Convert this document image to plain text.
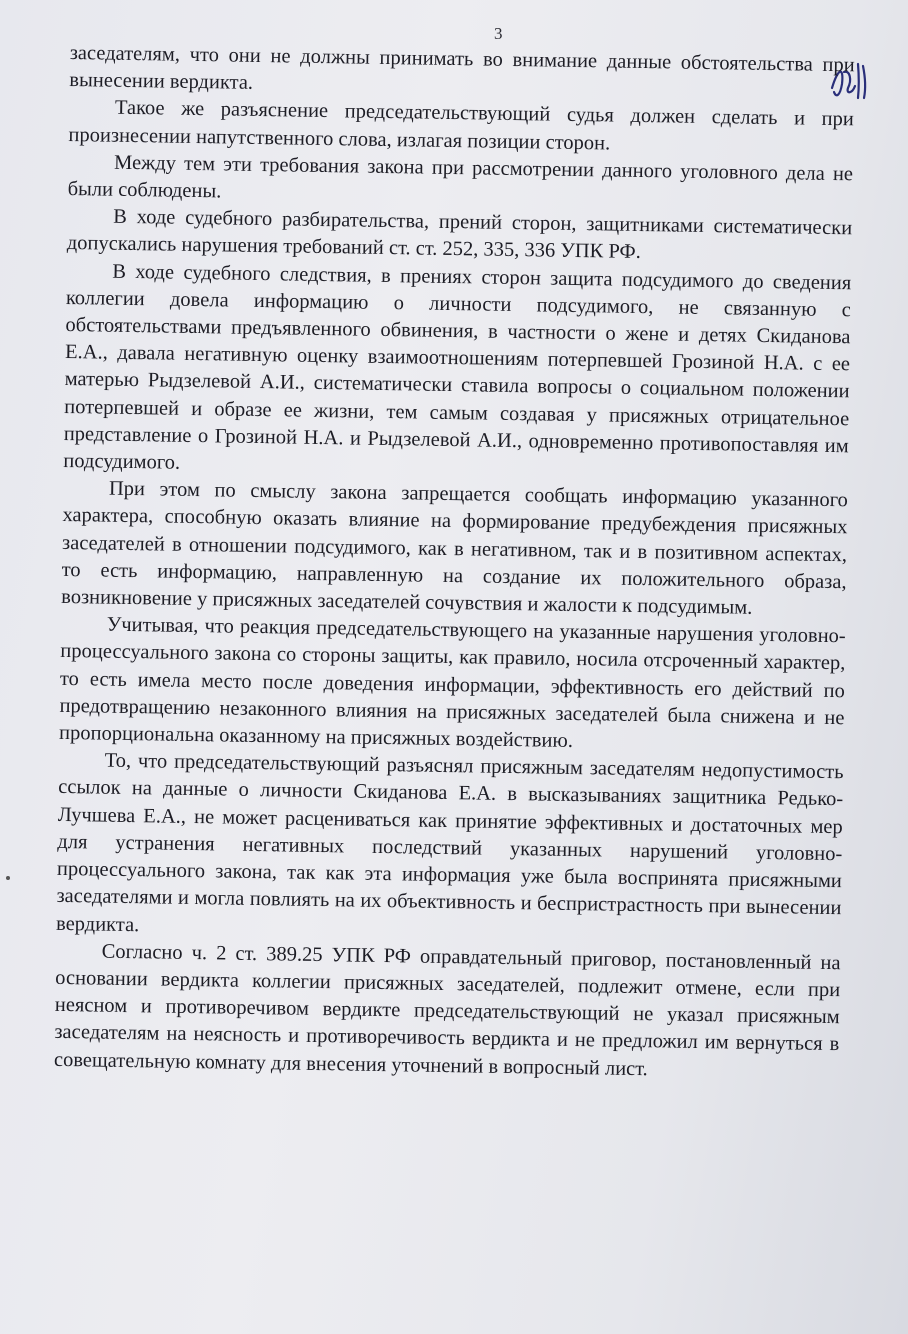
3

заседателям, что они не должны принимать во внимание данные обстоятельства при вынесении вердикта.

Такое же разъяснение председательствующий судья должен сделать и при произнесении напутственного слова, излагая позиции сторон.

Между тем эти требования закона при рассмотрении данного уголовного дела не были соблюдены.

В ходе судебного разбирательства, прений сторон, защитниками систематически допускались нарушения требований ст. ст. 252, 335, 336 УПК РФ.

В ходе судебного следствия, в прениях сторон защита подсудимого до сведения коллегии довела информацию о личности подсудимого, не связанную с обстоятельствами предъявленного обвинения, в частности о жене и детях Скиданова Е.А., давала негативную оценку взаимоотношениям потерпевшей Грозиной Н.А. с ее матерью Рыдзелевой А.И., систематически ставила вопросы о социальном положении потерпевшей и образе ее жизни, тем самым создавая у присяжных отрицательное представление о Грозиной Н.А. и Рыдзелевой А.И., одновременно противопоставляя им подсудимого.

При этом по смыслу закона запрещается сообщать информацию указанного характера, способную оказать влияние на формирование предубеждения присяжных заседателей в отношении подсудимого, как в негативном, так и в позитивном аспектах, то есть информацию, направленную на создание их положительного образа, возникновение у присяжных заседателей сочувствия и жалости к подсудимым.

Учитывая, что реакция председательствующего на указанные нарушения уголовно-процессуального закона со стороны защиты, как правило, носила отсроченный характер, то есть имела место после доведения информации, эффективность его действий по предотвращению незаконного влияния на присяжных заседателей была снижена и не пропорциональна оказанному на присяжных воздействию.

То, что председательствующий разъяснял присяжным заседателям недопустимость ссылок на данные о личности Скиданова Е.А. в высказываниях защитника Редько-Лучшева Е.А., не может расцениваться как принятие эффективных и достаточных мер для устранения негативных последствий указанных нарушений уголовно-процессуального закона, так как эта информация уже была воспринята присяжными заседателями и могла повлиять на их объективность и беспристрастность при вынесении вердикта.

Согласно ч. 2 ст. 389.25 УПК РФ оправдательный приговор, постановленный на основании вердикта коллегии присяжных заседателей, подлежит отмене, если при неясном и противоречивом вердикте председательствующий не указал присяжным заседателям на неясность и противоречивость вердикта и не предложил им вернуться в совещательную комнату для внесения уточнений в вопросный лист.
